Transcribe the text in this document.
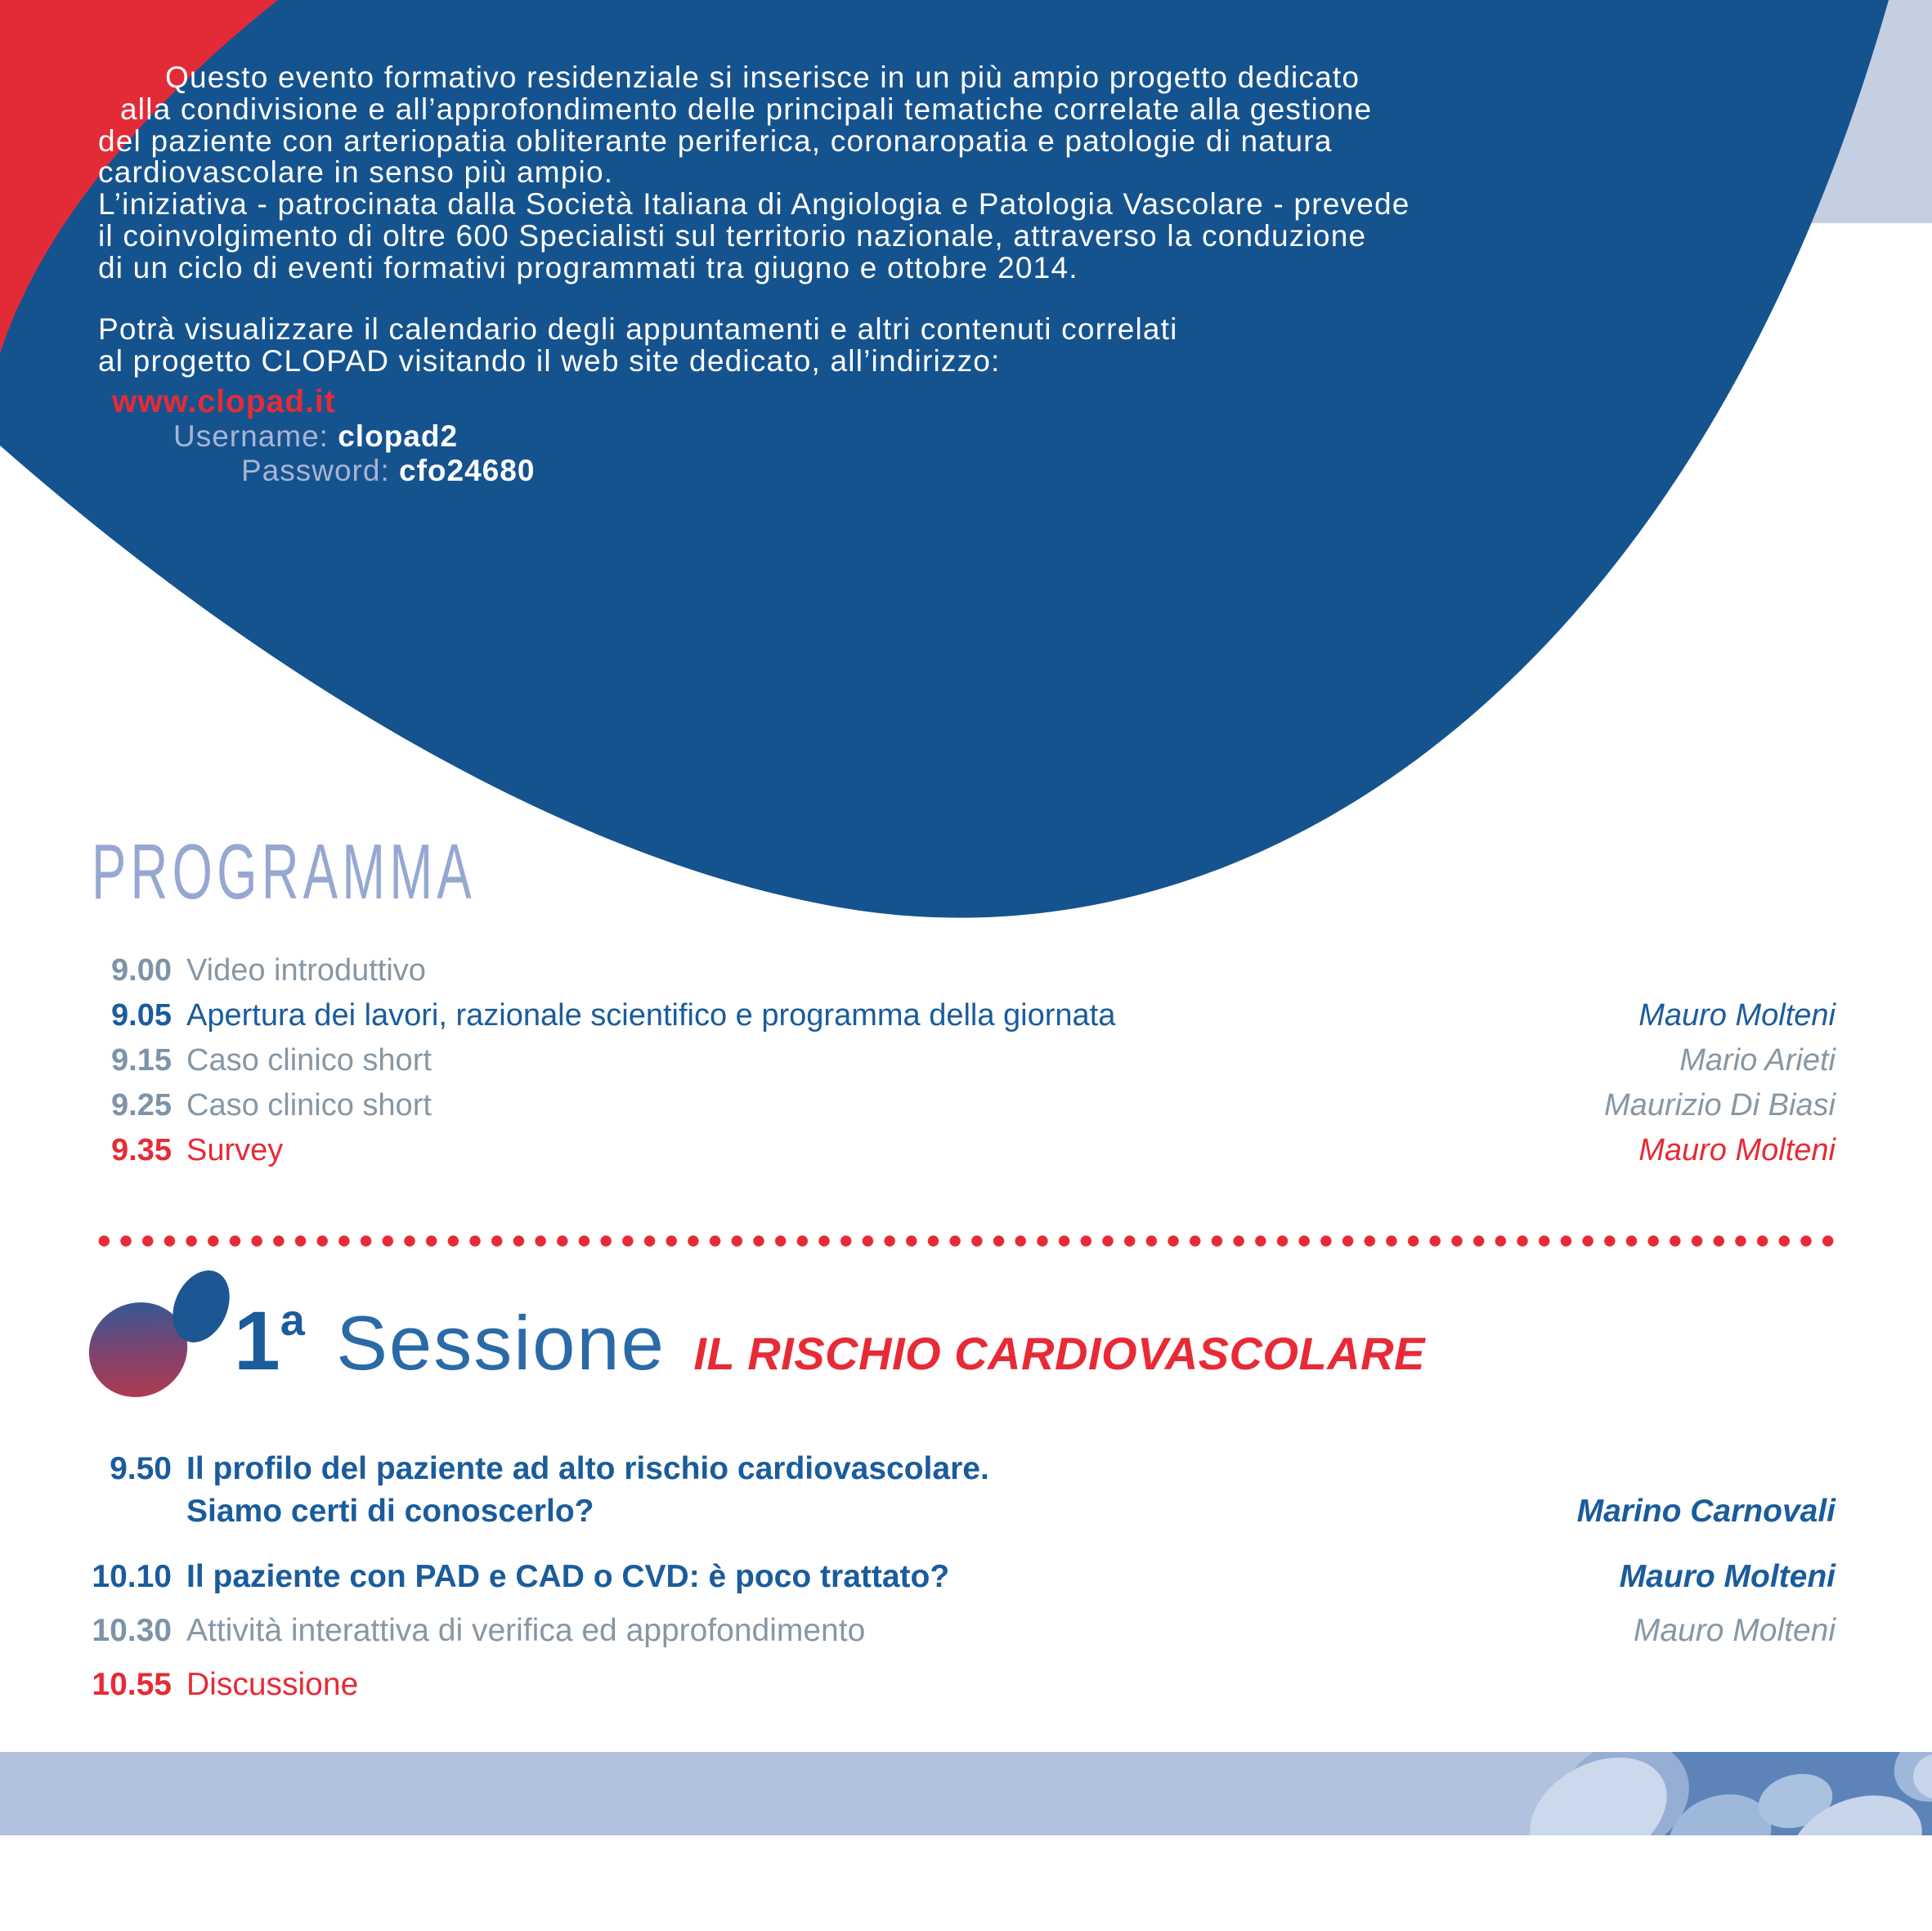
Questo evento formativo residenziale si inserisce in un più ampio progetto dedicato
alla condivisione e all’approfondimento delle principali tematiche correlate alla gestione
del paziente con arteriopatia obliterante periferica, coronaropatia e patologie di natura
cardiovascolare in senso più ampio.
L’iniziativa - patrocinata dalla Società Italiana di Angiologia e Patologia Vascolare - prevede
il coinvolgimento di oltre 600 Specialisti sul territorio nazionale, attraverso la conduzione
di un ciclo di eventi formativi programmati tra giugno e ottobre 2014.
Potrà visualizzare il calendario degli appuntamenti e altri contenuti correlati
al progetto CLOPAD visitando il web site dedicato, all’indirizzo:
www.clopad.it
Username: clopad2
Password: cfo24680
PROGRAMMA
9.00 Video introduttivo
9.05 Apertura dei lavori, razionale scientifico e programma della giornata	Mauro Molteni
9.15 Caso clinico short	Mario Arieti
9.25 Caso clinico short	Maurizio Di Biasi
9.35 Survey	Mauro Molteni
1$^a$ Sessione IL RISCHIO CARDIOVASCOLARE
9.50 Il profilo del paziente ad alto rischio cardiovascolare.
Siamo certi di conoscerlo?	Marino Carnovali
10.10 Il paziente con PAD e CAD o CVD: è poco trattato?	Mauro Molteni
10.30 Attività interattiva di verifica ed approfondimento	Mauro Molteni
10.55 Discussione
